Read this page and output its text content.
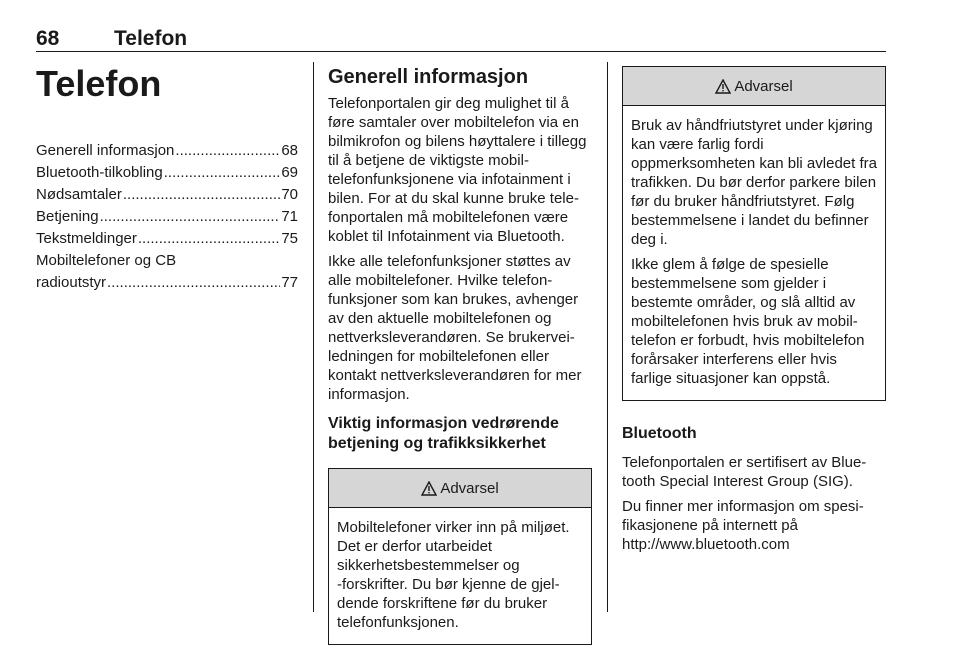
68	Telefon
Telefon
Generell informasjon .....	68
Bluetooth-tilkobling .....	69
Nødsamtaler .....	70
Betjening .....	71
Tekstmeldinger .....	75
Mobiltelefoner og CB
radioutstyr .....	77
Generell informasjon

Telefonportalen gir deg mulighet til å føre samtaler over mobiltelefon via en bilmikrofon og bilens høyttalere i tillegg til å betjene de viktigste mobiltelefonfunksjonene via infotainment i bilen. For at du skal kunne bruke telefonportalen må mobiltelefonen være koblet til Infotainment via Bluetooth.

Ikke alle telefonfunksjoner støttes av alle mobiltelefoner. Hvilke telefonfunksjoner som kan brukes, avhenger av den aktuelle mobiltelefonen og nettverksleverandøren. Se brukerveiledningen for mobiltelefonen eller kontakt nettverksleverandøren for mer informasjon.

Viktig informasjon vedrørende betjening og trafikksikkerhet
Advarsel

Mobiltelefoner virker inn på miljøet. Det er derfor utarbeidet sikkerhetsbestemmelser og ‑forskrifter. Du bør kjenne de gjeldende forskriftene før du bruker telefonfunksjonen.

Advarsel

Bruk av håndfriutstyret under kjøring kan være farlig fordi oppmerksomheten kan bli avledet fra trafikken. Du bør derfor parkere bilen før du bruker håndfriutstyret. Følg bestemmelsene i landet du befinner deg i.

Ikke glem å følge de spesielle bestemmelsene som gjelder i bestemte områder, og slå alltid av mobiltelefonen hvis bruk av mobiltelefon er forbudt, hvis mobiltelefon forårsaker interferens eller hvis farlige situasjoner kan oppstå.

Bluetooth

Telefonportalen er sertifisert av Bluetooth Special Interest Group (SIG).

Du finner mer informasjon om spesifikasjonene på internett på http://www.bluetooth.com
